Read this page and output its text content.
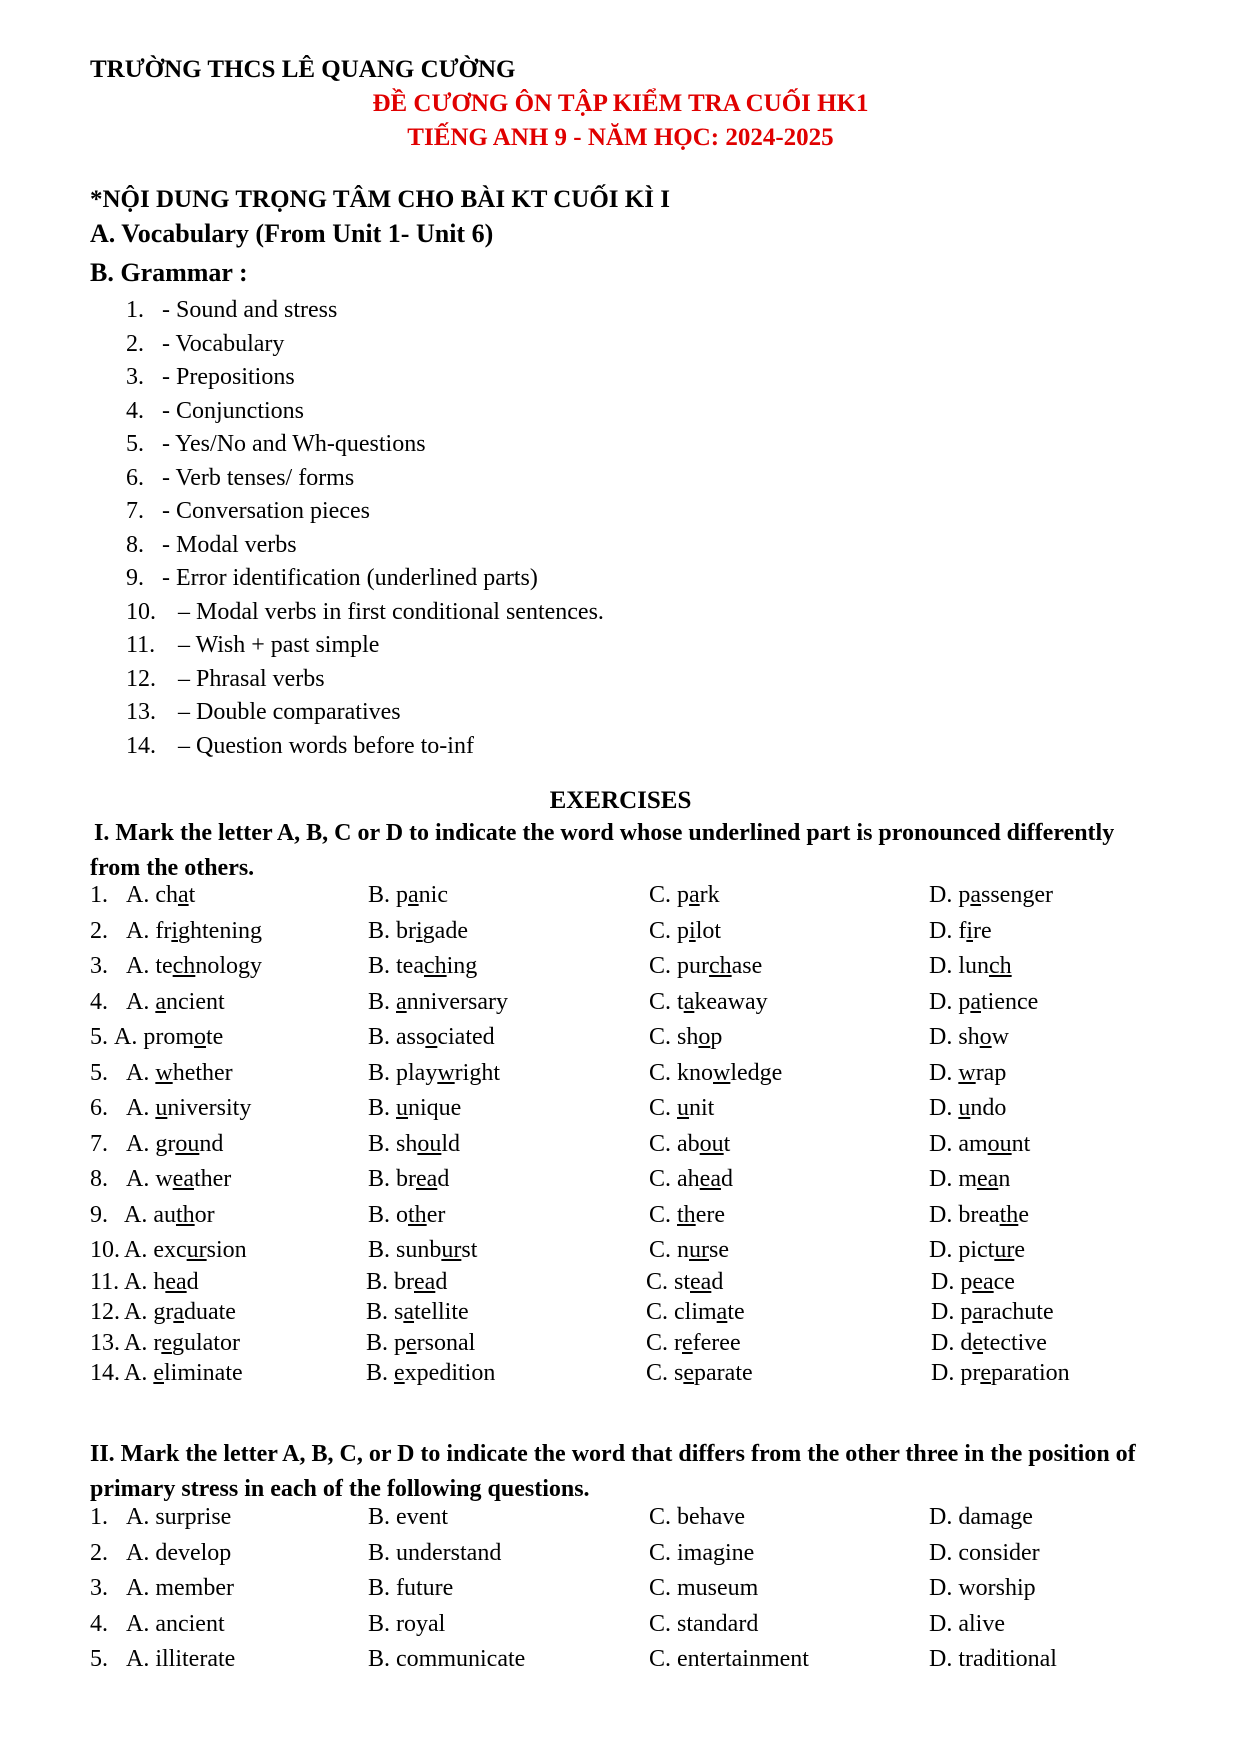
TRƯỜNG THCS LÊ QUANG CƯỜNG
ĐỀ CƯƠNG ÔN TẬP KIỂM TRA CUỐI HK1
TIẾNG ANH 9 - NĂM HỌC: 2024-2025
*NỘI DUNG TRỌNG TÂM CHO BÀI KT CUỐI KÌ I
A. Vocabulary (From Unit 1- Unit 6)
B. Grammar :
1. - Sound and stress
2. - Vocabulary
3. - Prepositions
4. - Conjunctions
5. - Yes/No and Wh-questions
6. - Verb tenses/ forms
7. - Conversation pieces
8. - Modal verbs
9. - Error identification (underlined parts)
10. – Modal verbs in first conditional sentences.
11. – Wish + past simple
12. – Phrasal verbs
13. – Double comparatives
14. – Question words before to-inf
EXERCISES
I. Mark the letter A, B, C or D to indicate the word whose underlined part is pronounced differently from the others.
1. A. chat	B. panic	C. park	D. passenger
2. A. frightening	B. brigade	C. pilot	D. fire
3. A. technology	B. teaching	C. purchase	D. lunch
4. A. ancient	B. anniversary	C. takeaway	D. patience
5. A. promote	B. associated	C. shop	D. show
5. A. whether	B. playwright	C. knowledge	D. wrap
6. A. university	B. unique	C. unit	D. undo
7. A. ground	B. should	C. about	D. amount
8. A. weather	B. bread	C. ahead	D. mean
9. A. author	B. other	C. there	D. breathe
10. A. excursion	B. sunburst	C. nurse	D. picture
11. A. head	B. bread	C. stead	D. peace
12. A. graduate	B. satellite	C. climate	D. parachute
13. A. regulator	B. personal	C. referee	D. detective
14. A. eliminate	B. expedition	C. separate	D. preparation
II. Mark the letter A, B, C, or D to indicate the word that differs from the other three in the position of primary stress in each of the following questions.
1. A. surprise	B. event	C. behave	D. damage
2. A. develop	B. understand	C. imagine	D. consider
3. A. member	B. future	C. museum	D. worship
4. A. ancient	B. royal	C. standard	D. alive
5. A. illiterate	B. communicate	C. entertainment	D. traditional
